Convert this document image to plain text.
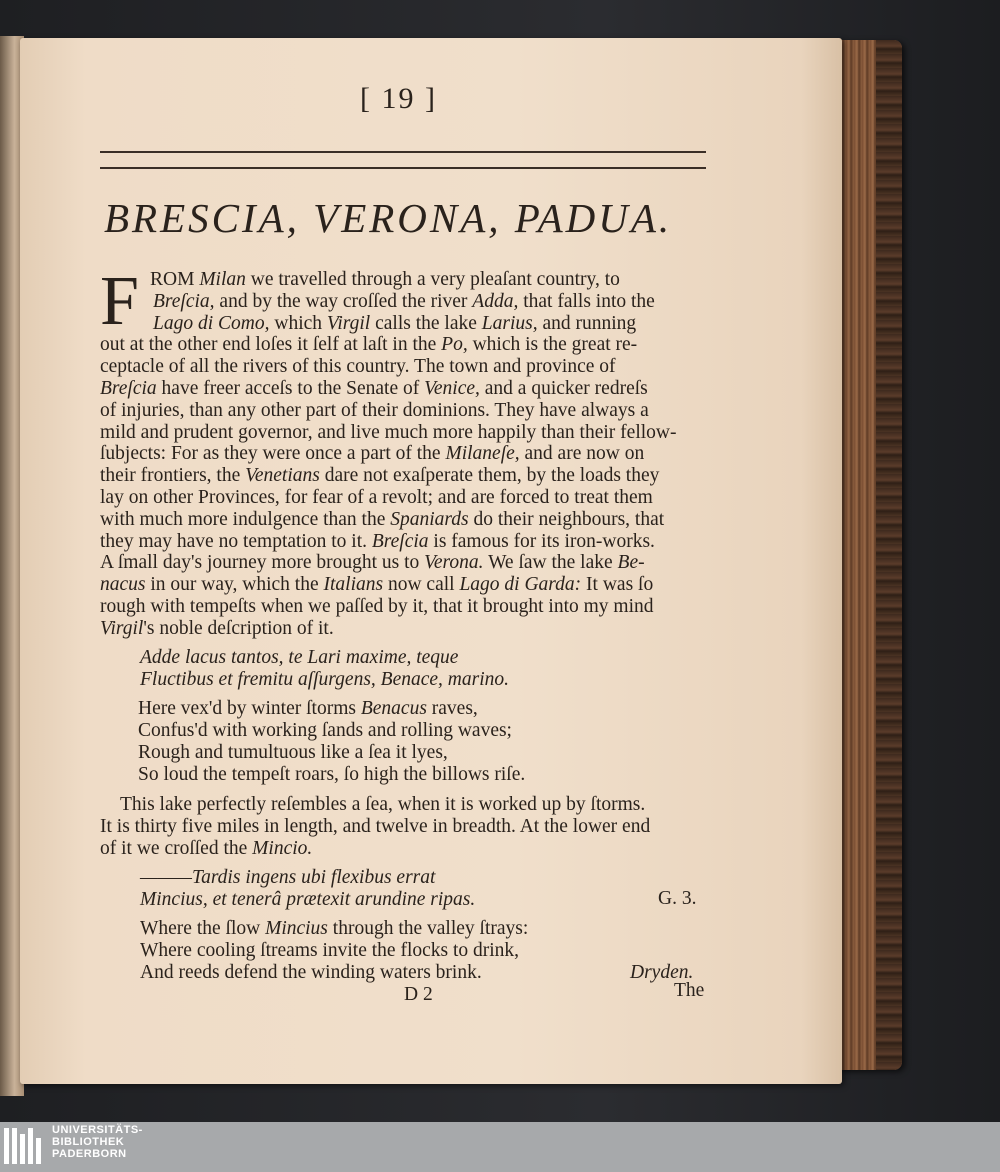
[ 19 ]
BRESCIA, VERONA, PADUA.
F ROM Milan we travelled through a very pleaſant country, to
Breſcia, and by the way croſſed the river Adda, that falls into the
Lago di Como, which Virgil calls the lake Larius, and running
out at the other end loſes it ſelf at laſt in the Po, which is the great re-
ceptacle of all the rivers of this country. The town and province of
Breſcia have freer acceſs to the Senate of Venice, and a quicker redreſs
of injuries, than any other part of their dominions. They have always a
mild and prudent governor, and live much more happily than their fellow-
ſubjects: For as they were once a part of the Milaneſe, and are now on
their frontiers, the Venetians dare not exaſperate them, by the loads they
lay on other Provinces, for fear of a revolt; and are forced to treat them
with much more indulgence than the Spaniards do their neighbours, that
they may have no temptation to it. Breſcia is famous for its iron-works.
A ſmall day's journey more brought us to Verona. We ſaw the lake Be-
nacus in our way, which the Italians now call Lago di Garda: It was ſo
rough with tempeſts when we paſſed by it, that it brought into my mind
Virgil's noble deſcription of it.
Adde lacus tantos, te Lari maxime, teque
Fluctibus et fremitu aſſurgens, Benace, marino.
Here vex'd by winter ſtorms Benacus raves,
Confus'd with working ſands and rolling waves;
Rough and tumultuous like a ſea it lyes,
So loud the tempeſt roars, ſo high the billows riſe.
This lake perfectly reſembles a ſea, when it is worked up by ſtorms.
It is thirty five miles in length, and twelve in breadth. At the lower end
of it we croſſed the Mincio.
———Tardis ingens ubi flexibus errat
Mincius, et tenerâ prætexit arundine ripas.	G. 3.
Where the ſlow Mincius through the valley ſtrays:
Where cooling ſtreams invite the flocks to drink,
And reeds defend the winding waters brink.	Dryden.
D 2	The
UNIVERSITÄTS-
BIBLIOTHEK
PADERBORN
